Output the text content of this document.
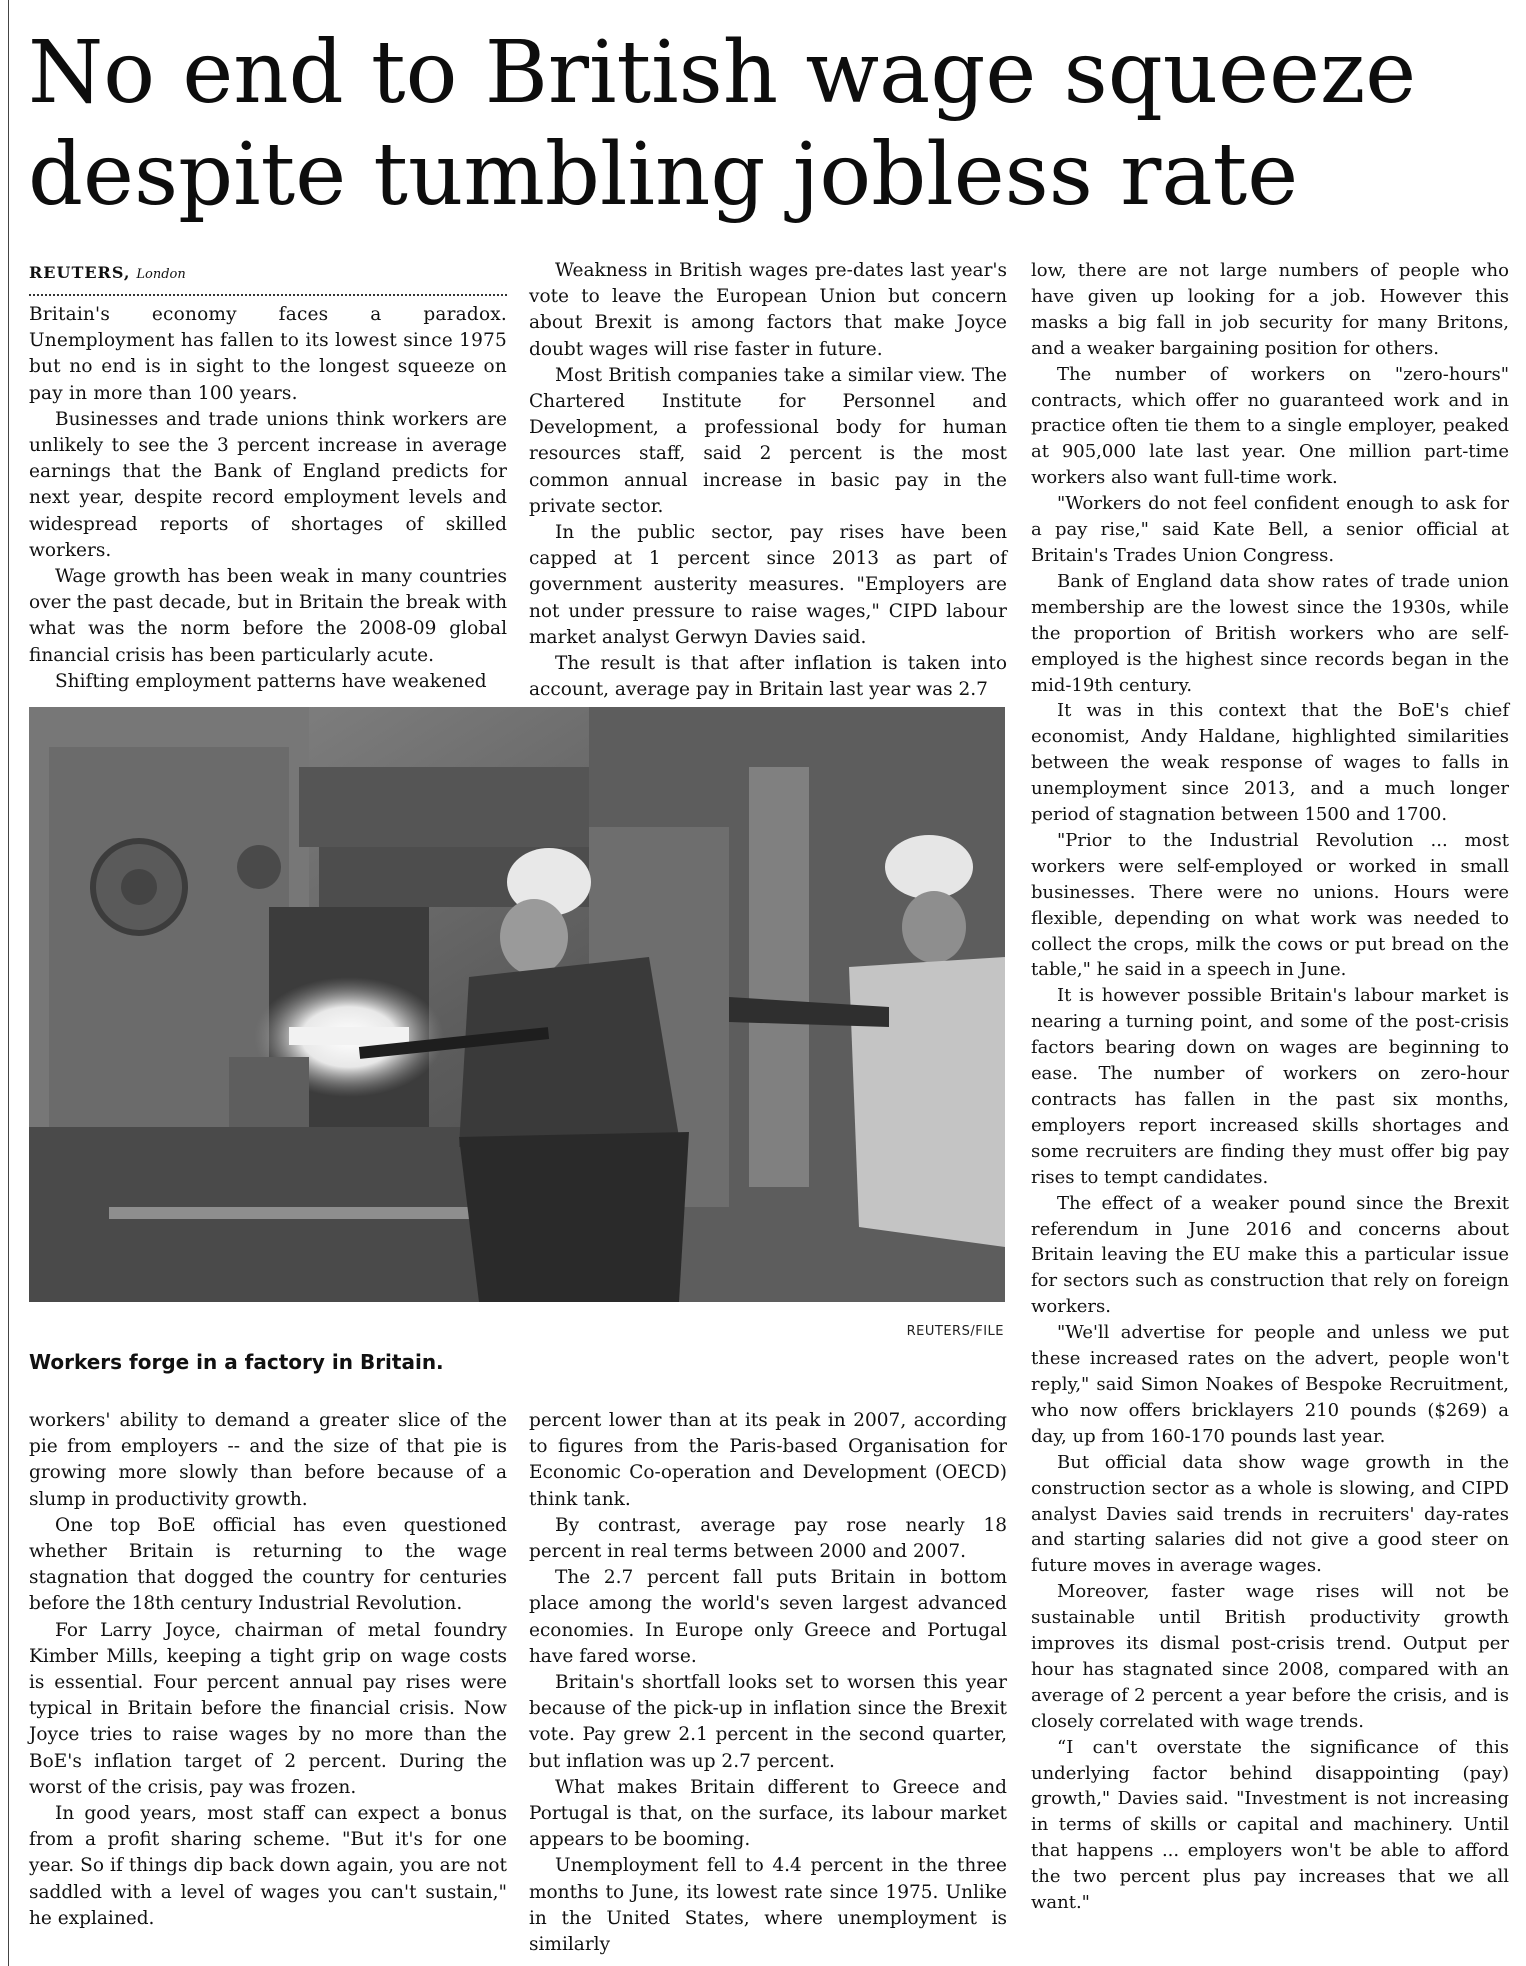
No end to British wage squeeze despite tumbling jobless rate
REUTERS, London

Britain's economy faces a paradox. Unemployment has fallen to its lowest since 1975 but no end is in sight to the longest squeeze on pay in more than 100 years.

Businesses and trade unions think workers are unlikely to see the 3 percent increase in average earnings that the Bank of England predicts for next year, despite record employment levels and widespread reports of shortages of skilled workers.

Wage growth has been weak in many countries over the past decade, but in Britain the break with what was the norm before the 2008-09 global financial crisis has been particularly acute.

Shifting employment patterns have weakened

Weakness in British wages pre-dates last year's vote to leave the European Union but concern about Brexit is among factors that make Joyce doubt wages will rise faster in future.

Most British companies take a similar view. The Chartered Institute for Personnel and Development, a professional body for human resources staff, said 2 percent is the most common annual increase in basic pay in the private sector.

In the public sector, pay rises have been capped at 1 percent since 2013 as part of government austerity measures. "Employers are not under pressure to raise wages," CIPD labour market analyst Gerwyn Davies said.

The result is that after inflation is taken into account, average pay in Britain last year was 2.7

low, there are not large numbers of people who have given up looking for a job. However this masks a big fall in job security for many Britons, and a weaker bargaining position for others.

The number of workers on "zero-hours" contracts, which offer no guaranteed work and in practice often tie them to a single employer, peaked at 905,000 late last year. One million part-time workers also want full-time work.

"Workers do not feel confident enough to ask for a pay rise," said Kate Bell, a senior official at Britain's Trades Union Congress.

Bank of England data show rates of trade union membership are the lowest since the 1930s, while the proportion of British workers who are self-employed is the highest since records began in the mid-19th century.

It was in this context that the BoE's chief economist, Andy Haldane, highlighted similarities between the weak response of wages to falls in unemployment since 2013, and a much longer period of stagnation between 1500 and 1700.

"Prior to the Industrial Revolution ... most workers were self-employed or worked in small businesses. There were no unions. Hours were flexible, depending on what work was needed to collect the crops, milk the cows or put bread on the table," he said in a speech in June.

It is however possible Britain's labour market is nearing a turning point, and some of the post-crisis factors bearing down on wages are beginning to ease. The number of workers on zero-hour contracts has fallen in the past six months, employers report increased skills shortages and some recruiters are finding they must offer big pay rises to tempt candidates.

The effect of a weaker pound since the Brexit referendum in June 2016 and concerns about Britain leaving the EU make this a particular issue for sectors such as construction that rely on foreign workers.

"We'll advertise for people and unless we put these increased rates on the advert, people won't reply," said Simon Noakes of Bespoke Recruitment, who now offers bricklayers 210 pounds ($269) a day, up from 160-170 pounds last year.

But official data show wage growth in the construction sector as a whole is slowing, and CIPD analyst Davies said trends in recruiters' day-rates and starting salaries did not give a good steer on future moves in average wages.

Moreover, faster wage rises will not be sustainable until British productivity growth improves its dismal post-crisis trend. Output per hour has stagnated since 2008, compared with an average of 2 percent a year before the crisis, and is closely correlated with wage trends.

“I can't overstate the significance of this underlying factor behind disappointing (pay) growth," Davies said. "Investment is not increasing in terms of skills or capital and machinery. Until that happens ... employers won't be able to afford the two percent plus pay increases that we all want."

REUTERS/FILE
Workers forge in a factory in Britain.

workers' ability to demand a greater slice of the pie from employers -- and the size of that pie is growing more slowly than before because of a slump in productivity growth.

One top BoE official has even questioned whether Britain is returning to the wage stagnation that dogged the country for centuries before the 18th century Industrial Revolution.

For Larry Joyce, chairman of metal foundry Kimber Mills, keeping a tight grip on wage costs is essential. Four percent annual pay rises were typical in Britain before the financial crisis. Now Joyce tries to raise wages by no more than the BoE's inflation target of 2 percent. During the worst of the crisis, pay was frozen.

In good years, most staff can expect a bonus from a profit sharing scheme. "But it's for one year. So if things dip back down again, you are not saddled with a level of wages you can't sustain," he explained.

percent lower than at its peak in 2007, according to figures from the Paris-based Organisation for Economic Co-operation and Development (OECD) think tank.

By contrast, average pay rose nearly 18 percent in real terms between 2000 and 2007.

The 2.7 percent fall puts Britain in bottom place among the world's seven largest advanced economies. In Europe only Greece and Portugal have fared worse.

Britain's shortfall looks set to worsen this year because of the pick-up in inflation since the Brexit vote. Pay grew 2.1 percent in the second quarter, but inflation was up 2.7 percent.

What makes Britain different to Greece and Portugal is that, on the surface, its labour market appears to be booming.

Unemployment fell to 4.4 percent in the three months to June, its lowest rate since 1975. Unlike in the United States, where unemployment is similarly
